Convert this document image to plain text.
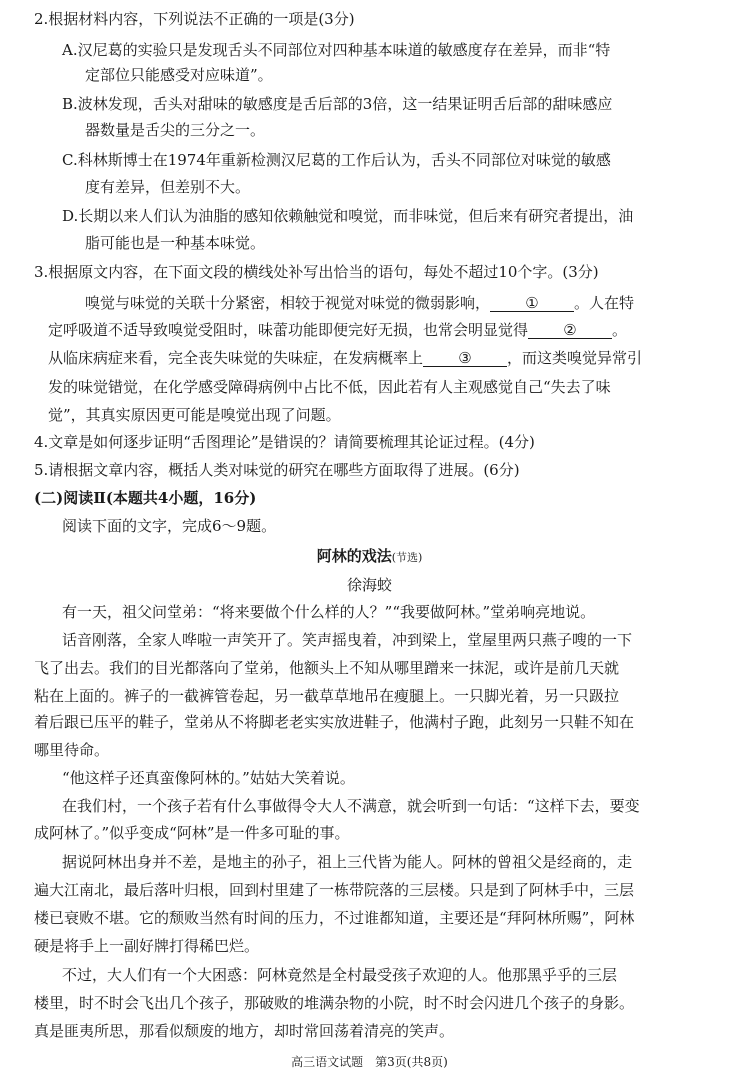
2.根据材料内容，下列说法不正确的一项是(3分)
A.汉尼葛的实验只是发现舌头不同部位对四种基本味道的敏感度存在差异，而非“特
定部位只能感受对应味道”。
B.波林发现，舌头对甜味的敏感度是舌后部的3倍，这一结果证明舌后部的甜味感应
器数量是舌尖的三分之一。
C.科林斯博士在1974年重新检测汉尼葛的工作后认为，舌头不同部位对味觉的敏感
度有差异，但差别不大。
D.长期以来人们认为油脂的感知依赖触觉和嗅觉，而非味觉，但后来有研究者提出，油
脂可能也是一种基本味觉。
3.根据原文内容，在下面文段的横线处补写出恰当的语句，每处不超过10个字。(3分)
嗅觉与味觉的关联十分紧密，相较于视觉对味觉的微弱影响， ① 。人在特
定呼吸道不适导致嗅觉受阻时，味蕾功能即便完好无损，也常会明显觉得 ② 。
从临床病症来看，完全丧失味觉的失味症，在发病概率上 ③ ，而这类嗅觉异常引
发的味觉错觉，在化学感受障碍病例中占比不低，因此若有人主观感觉自己“失去了味
觉”，其真实原因更可能是嗅觉出现了问题。
4.文章是如何逐步证明“舌图理论”是错误的？请简要梳理其论证过程。(4分)
5.请根据文章内容，概括人类对味觉的研究在哪些方面取得了进展。(6分)
(二)阅读Ⅱ(本题共4小题，16分)
阅读下面的文字，完成6～9题。
阿林的戏法(节选)
徐海蛟
有一天，祖父问堂弟：“将来要做个什么样的人？”“我要做阿林。”堂弟响亮地说。
话音刚落，全家人哗啦一声笑开了。笑声摇曳着，冲到梁上，堂屋里两只燕子嗖的一下
飞了出去。我们的目光都落向了堂弟，他额头上不知从哪里蹭来一抹泥，或许是前几天就
粘在上面的。裤子的一截裤管卷起，另一截草草地吊在瘦腿上。一只脚光着，另一只趿拉
着后跟已压平的鞋子，堂弟从不将脚老老实实放进鞋子，他满村子跑，此刻另一只鞋不知在
哪里待命。
“他这样子还真蛮像阿林的。”姑姑大笑着说。
在我们村，一个孩子若有什么事做得令大人不满意，就会听到一句话：“这样下去，要变
成阿林了。”似乎变成“阿林”是一件多可耻的事。
据说阿林出身并不差，是地主的孙子，祖上三代皆为能人。阿林的曾祖父是经商的，走
遍大江南北，最后落叶归根，回到村里建了一栋带院落的三层楼。只是到了阿林手中，三层
楼已衰败不堪。它的颓败当然有时间的压力，不过谁都知道，主要还是“拜阿林所赐”，阿林
硬是将手上一副好牌打得稀巴烂。
不过，大人们有一个大困惑：阿林竟然是全村最受孩子欢迎的人。他那黑乎乎的三层
楼里，时不时会飞出几个孩子，那破败的堆满杂物的小院，时不时会闪进几个孩子的身影。
真是匪夷所思，那看似颓废的地方，却时常回荡着清亮的笑声。
高三语文试题　第3页(共8页)
